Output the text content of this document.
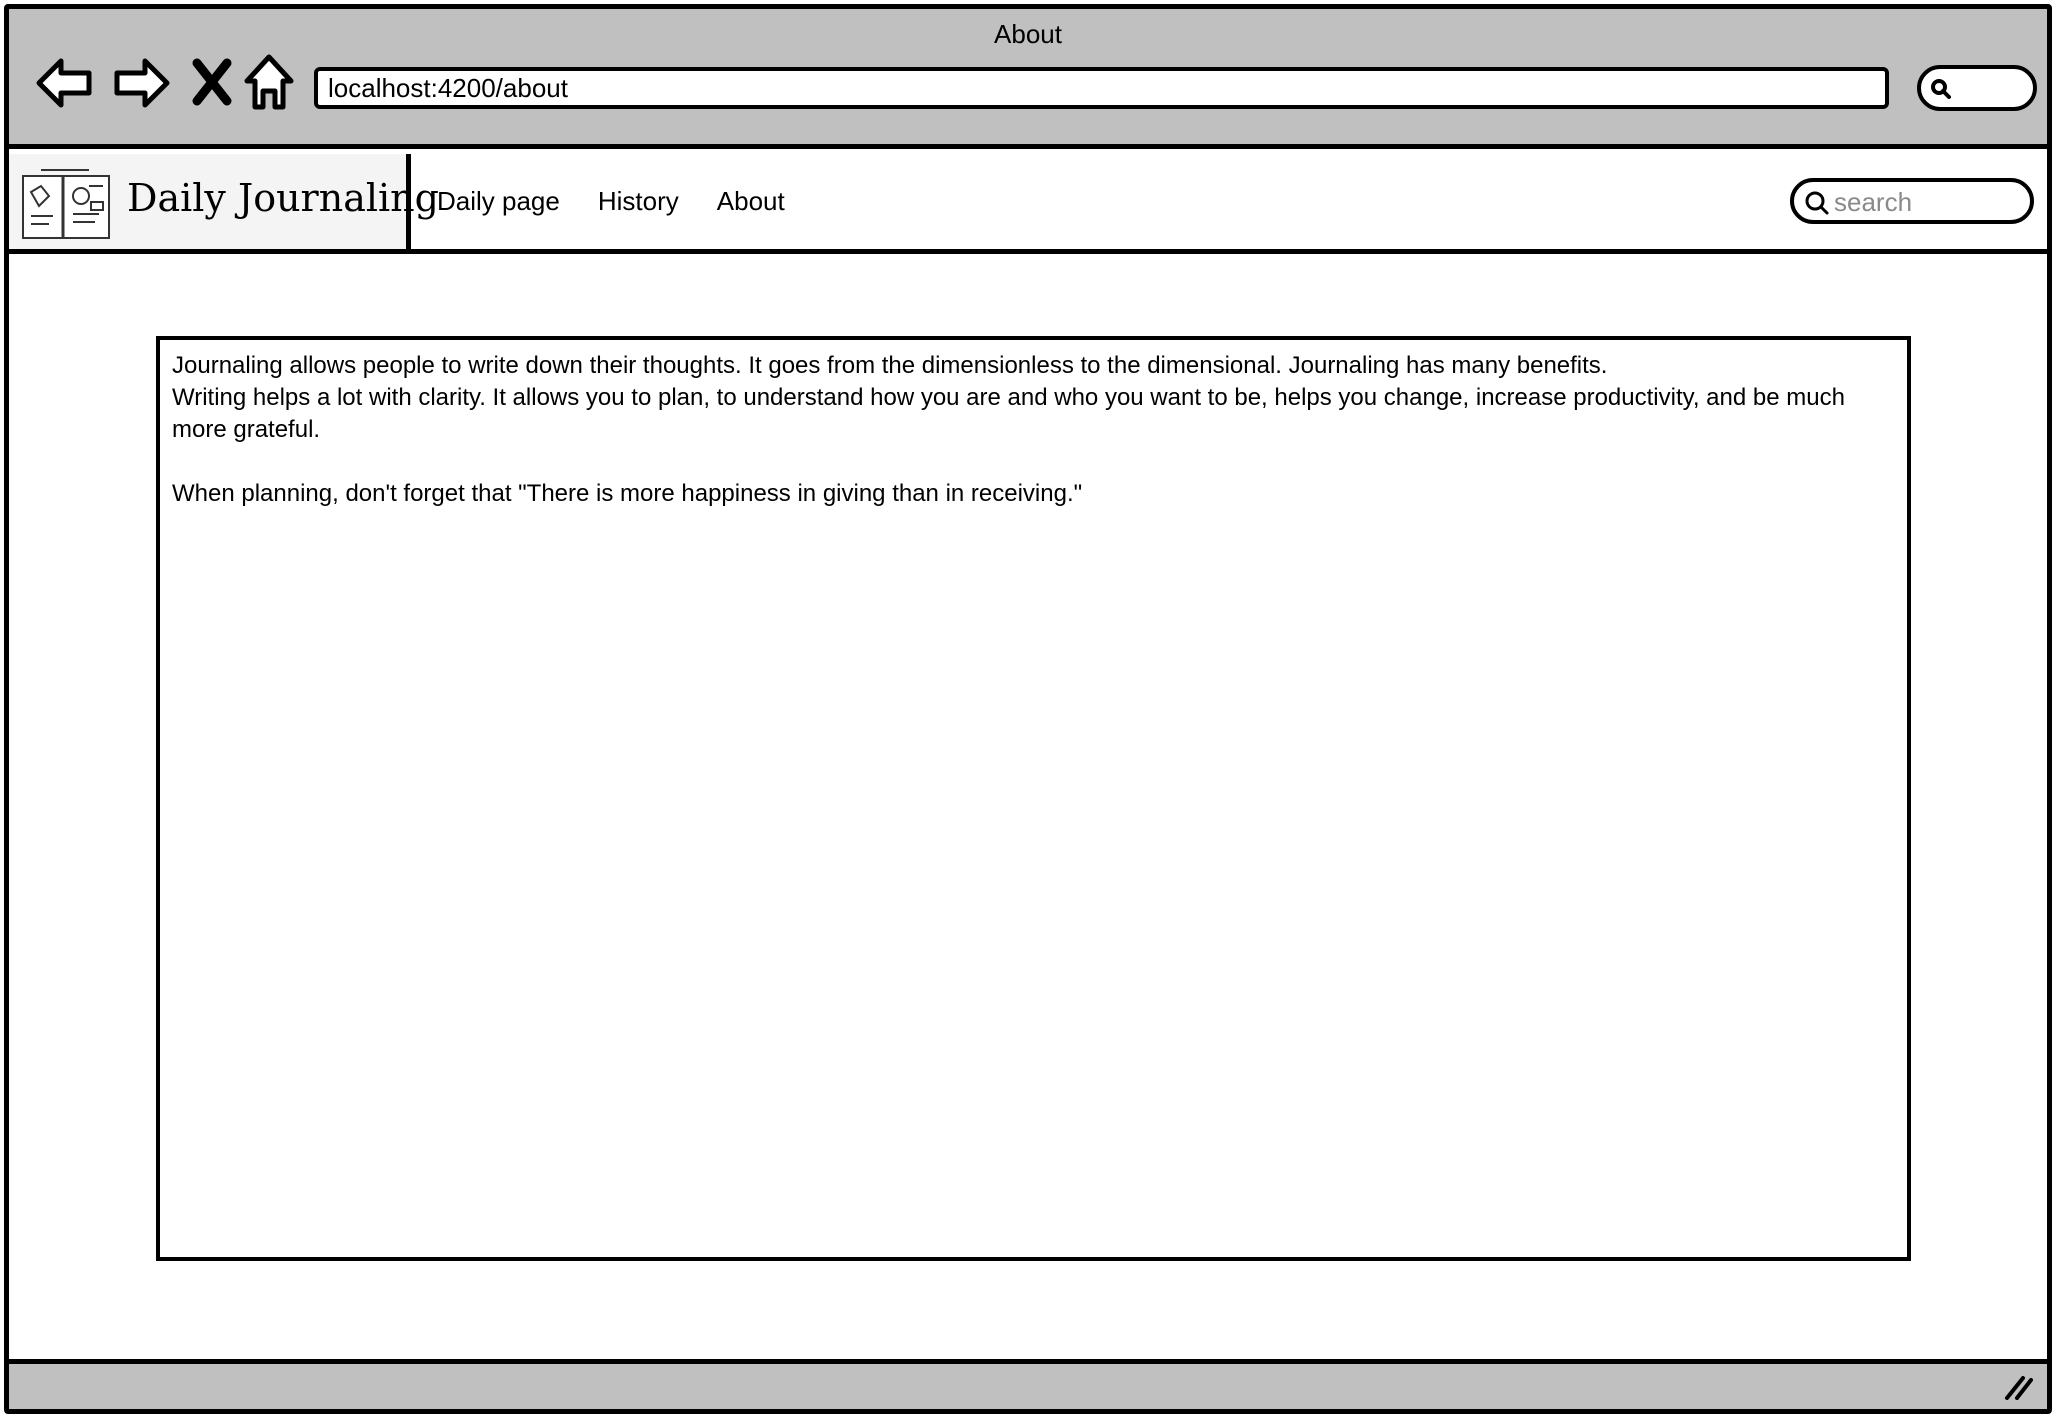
About
localhost:4200/about
Daily Journaling
Daily page History About
search

Journaling allows people to write down their thoughts. It goes from the dimensionless to the dimensional. Journaling has many benefits.

Writing helps a lot with clarity. It allows you to plan, to understand how you are and who you want to be, helps you change, increase productivity, and be much more grateful.

When planning, don't forget that "There is more happiness in giving than in receiving."
